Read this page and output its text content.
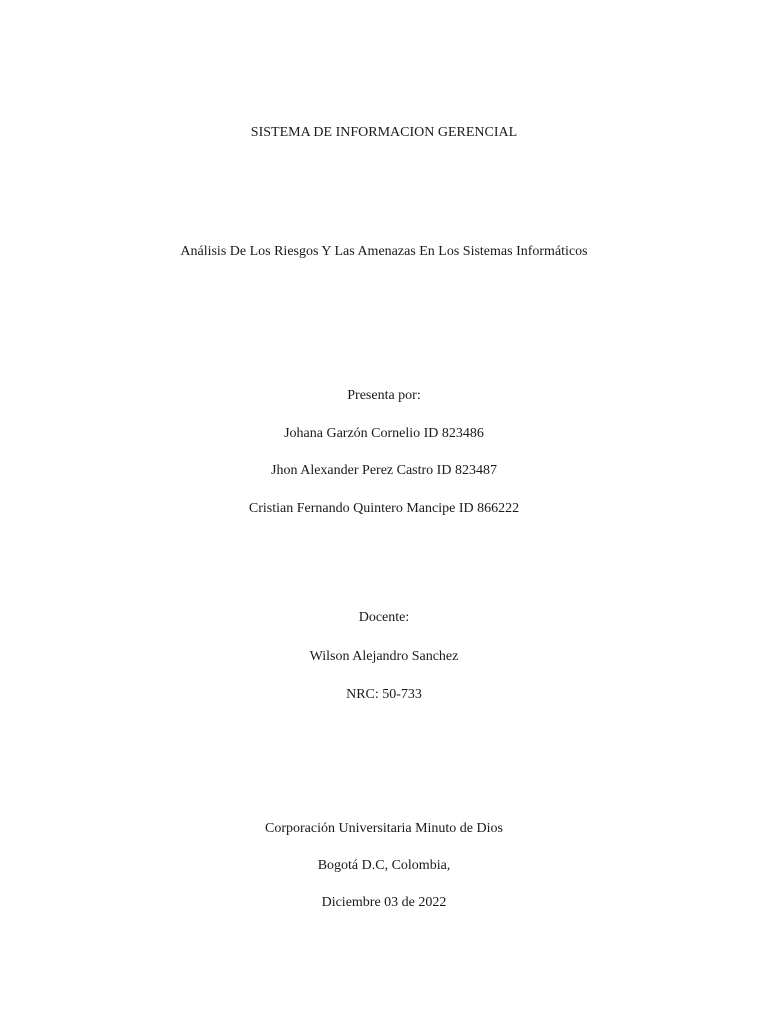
SISTEMA DE INFORMACION GERENCIAL
Análisis De Los Riesgos Y Las Amenazas En Los Sistemas Informáticos
Presenta por:
Johana Garzón Cornelio ID 823486
Jhon Alexander Perez Castro ID 823487
Cristian Fernando Quintero Mancipe ID 866222
Docente:
Wilson Alejandro Sanchez
NRC: 50-733
Corporación Universitaria Minuto de Dios
Bogotá D.C, Colombia,
Diciembre 03 de 2022
